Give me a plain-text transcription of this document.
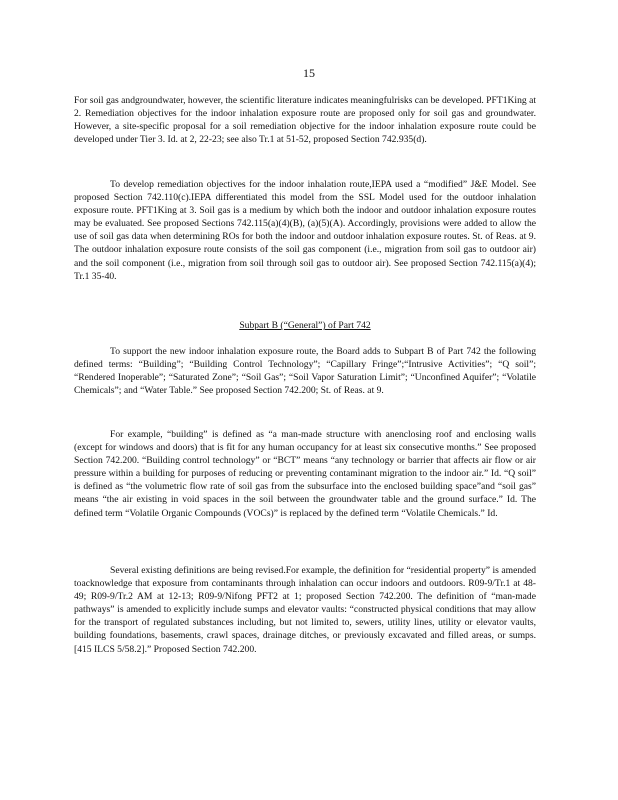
15

For soil gas andgroundwater, however, the scientific literature indicates meaningfulrisks can be developed. PFT1King at 2. Remediation objectives for the indoor inhalation exposure route are proposed only for soil gas and groundwater. However, a site-specific proposal for a soil remediation objective for the indoor inhalation exposure route could be developed under Tier 3. Id. at 2, 22-23; see also Tr.1 at 51-52, proposed Section 742.935(d).

To develop remediation objectives for the indoor inhalation route,IEPA used a “modified” J&E Model. See proposed Section 742.110(c).IEPA differentiated this model from the SSL Model used for the outdoor inhalation exposure route. PFT1King at 3. Soil gas is a medium by which both the indoor and outdoor inhalation exposure routes may be evaluated. See proposed Sections 742.115(a)(4)(B), (a)(5)(A). Accordingly, provisions were added to allow the use of soil gas data when determining ROs for both the indoor and outdoor inhalation exposure routes. St. of Reas. at 9. The outdoor inhalation exposure route consists of the soil gas component (i.e., migration from soil gas to outdoor air) and the soil component (i.e., migration from soil through soil gas to outdoor air). See proposed Section 742.115(a)(4); Tr.1 35-40.

Subpart B (“General”) of Part 742

To support the new indoor inhalation exposure route, the Board adds to Subpart B of Part 742 the following defined terms: “Building”; “Building Control Technology”; “Capillary Fringe”;“Intrusive Activities”; “Q soil”; “Rendered Inoperable”; “Saturated Zone”; “Soil Gas”; “Soil Vapor Saturation Limit”; “Unconfined Aquifer”; “Volatile Chemicals”; and “Water Table.” See proposed Section 742.200; St. of Reas. at 9.

For example, “building” is defined as “a man-made structure with anenclosing roof and enclosing walls (except for windows and doors) that is fit for any human occupancy for at least six consecutive months.” See proposed Section 742.200. “Building control technology” or “BCT” means “any technology or barrier that affects air flow or air pressure within a building for purposes of reducing or preventing contaminant migration to the indoor air.” Id. “Q soil” is defined as “the volumetric flow rate of soil gas from the subsurface into the enclosed building space”and “soil gas” means “the air existing in void spaces in the soil between the groundwater table and the ground surface.” Id. The defined term “Volatile Organic Compounds (VOCs)” is replaced by the defined term “Volatile Chemicals.” Id.

Several existing definitions are being revised.For example, the definition for “residential property” is amended toacknowledge that exposure from contaminants through inhalation can occur indoors and outdoors. R09-9/Tr.1 at 48-49; R09-9/Tr.2 AM at 12-13; R09-9/Nifong PFT2 at 1; proposed Section 742.200. The definition of “man-made pathways” is amended to explicitly include sumps and elevator vaults: “constructed physical conditions that may allow for the transport of regulated substances including, but not limited to, sewers, utility lines, utility or elevator vaults, building foundations, basements, crawl spaces, drainage ditches, or previously excavated and filled areas, or sumps. [415 ILCS 5/58.2].” Proposed Section 742.200.
